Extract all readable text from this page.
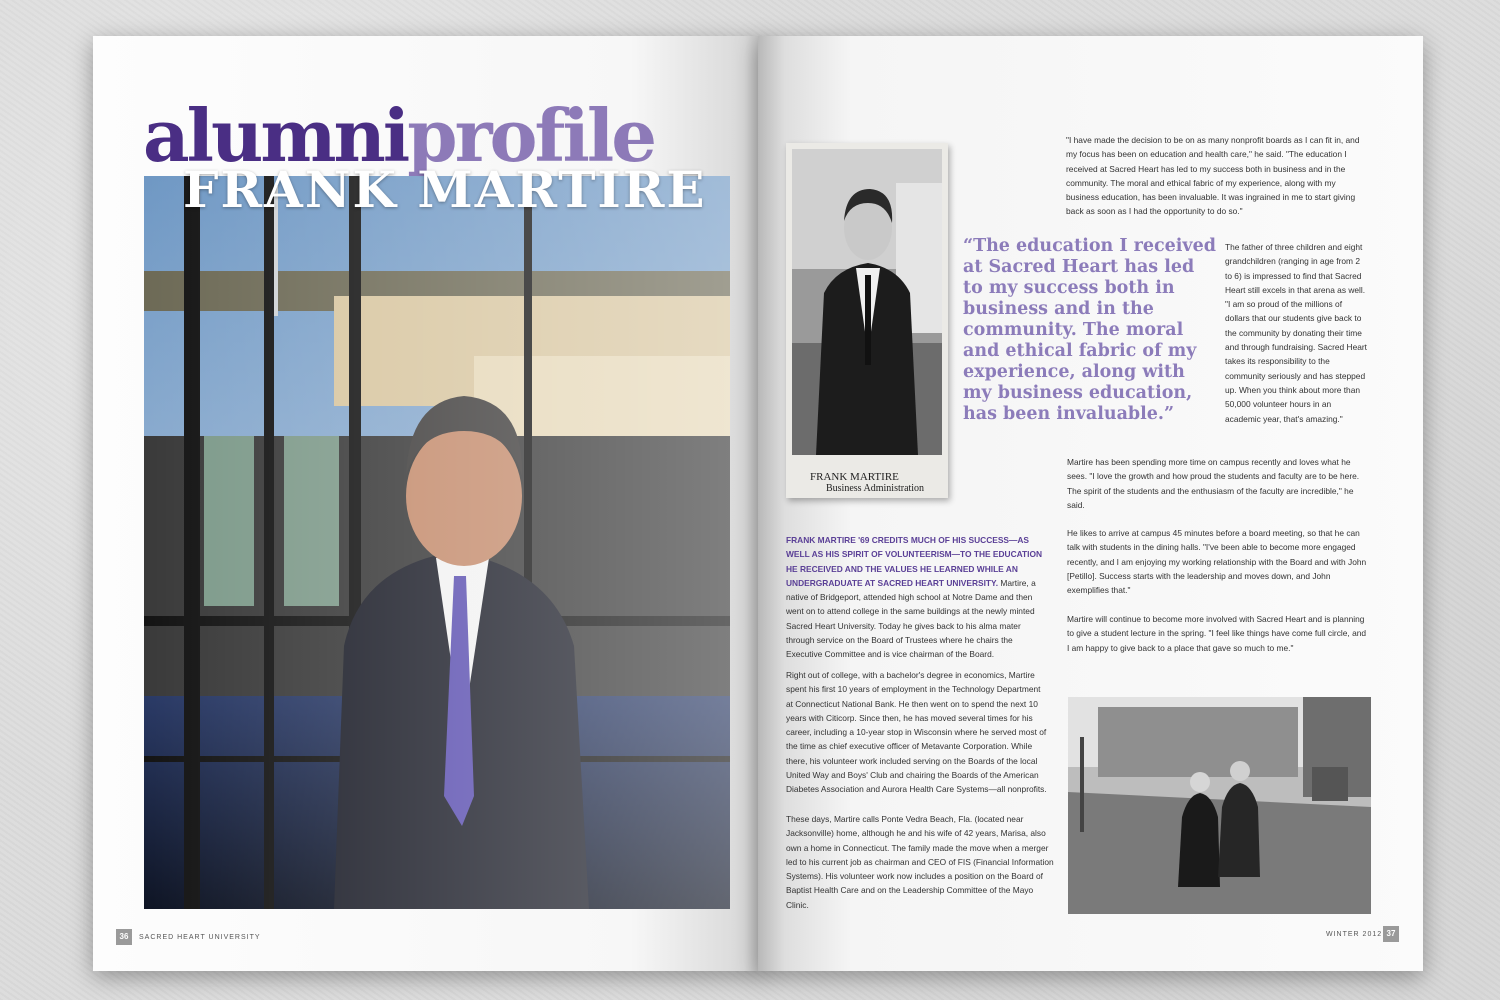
alumniprofile
FRANK MARTIRE
FRANK MARTIRE
Business Administration

“The education I received at Sacred Heart has led to my success both in business and in the community. The moral and ethical fabric of my experience, along with my business education, has been invaluable.”

FRANK MARTIRE '69 CREDITS MUCH OF HIS SUCCESS—AS WELL AS HIS SPIRIT OF VOLUNTEERISM—TO THE EDUCATION HE RECEIVED AND THE VALUES HE LEARNED WHILE AN UNDERGRADUATE AT SACRED HEART UNIVERSITY. Martire, a native of Bridgeport, attended high school at Notre Dame and then went on to attend college in the same buildings at the newly minted Sacred Heart University. Today he gives back to his alma mater through service on the Board of Trustees where he chairs the Executive Committee and is vice chairman of the Board.

Right out of college, with a bachelor's degree in economics, Martire spent his first 10 years of employment in the Technology Department at Connecticut National Bank. He then went on to spend the next 10 years with Citicorp. Since then, he has moved several times for his career, including a 10-year stop in Wisconsin where he served most of the time as chief executive officer of Metavante Corporation. While there, his volunteer work included serving on the Boards of the local United Way and Boys' Club and chairing the Boards of the American Diabetes Association and Aurora Health Care Systems—all nonprofits.

These days, Martire calls Ponte Vedra Beach, Fla. (located near Jacksonville) home, although he and his wife of 42 years, Marisa, also own a home in Connecticut. The family made the move when a merger led to his current job as chairman and CEO of FIS (Financial Information Systems). His volunteer work now includes a position on the Board of Baptist Health Care and on the Leadership Committee of the Mayo Clinic.

"I have made the decision to be on as many nonprofit boards as I can fit in, and my focus has been on education and health care," he said. "The education I received at Sacred Heart has led to my success both in business and in the community. The moral and ethical fabric of my experience, along with my business education, has been invaluable. It was ingrained in me to start giving back as soon as I had the opportunity to do so."

The father of three children and eight grandchildren (ranging in age from 2 to 6) is impressed to find that Sacred Heart still excels in that arena as well. "I am so proud of the millions of dollars that our students give back to the community by donating their time and through fundraising. Sacred Heart takes its responsibility to the community seriously and has stepped up. When you think about more than 50,000 volunteer hours in an academic year, that's amazing."

Martire has been spending more time on campus recently and loves what he sees. "I love the growth and how proud the students and faculty are to be here. The spirit of the students and the enthusiasm of the faculty are incredible," he said.

He likes to arrive at campus 45 minutes before a board meeting, so that he can talk with students in the dining halls. "I've been able to become more engaged recently, and I am enjoying my working relationship with the Board and with John [Petillo]. Success starts with the leadership and moves down, and John exemplifies that."

Martire will continue to become more involved with Sacred Heart and is planning to give a student lecture in the spring. "I feel like things have come full circle, and I am happy to give back to a place that gave so much to me."

36	SACRED HEART UNIVERSITY	WINTER 2012 37
